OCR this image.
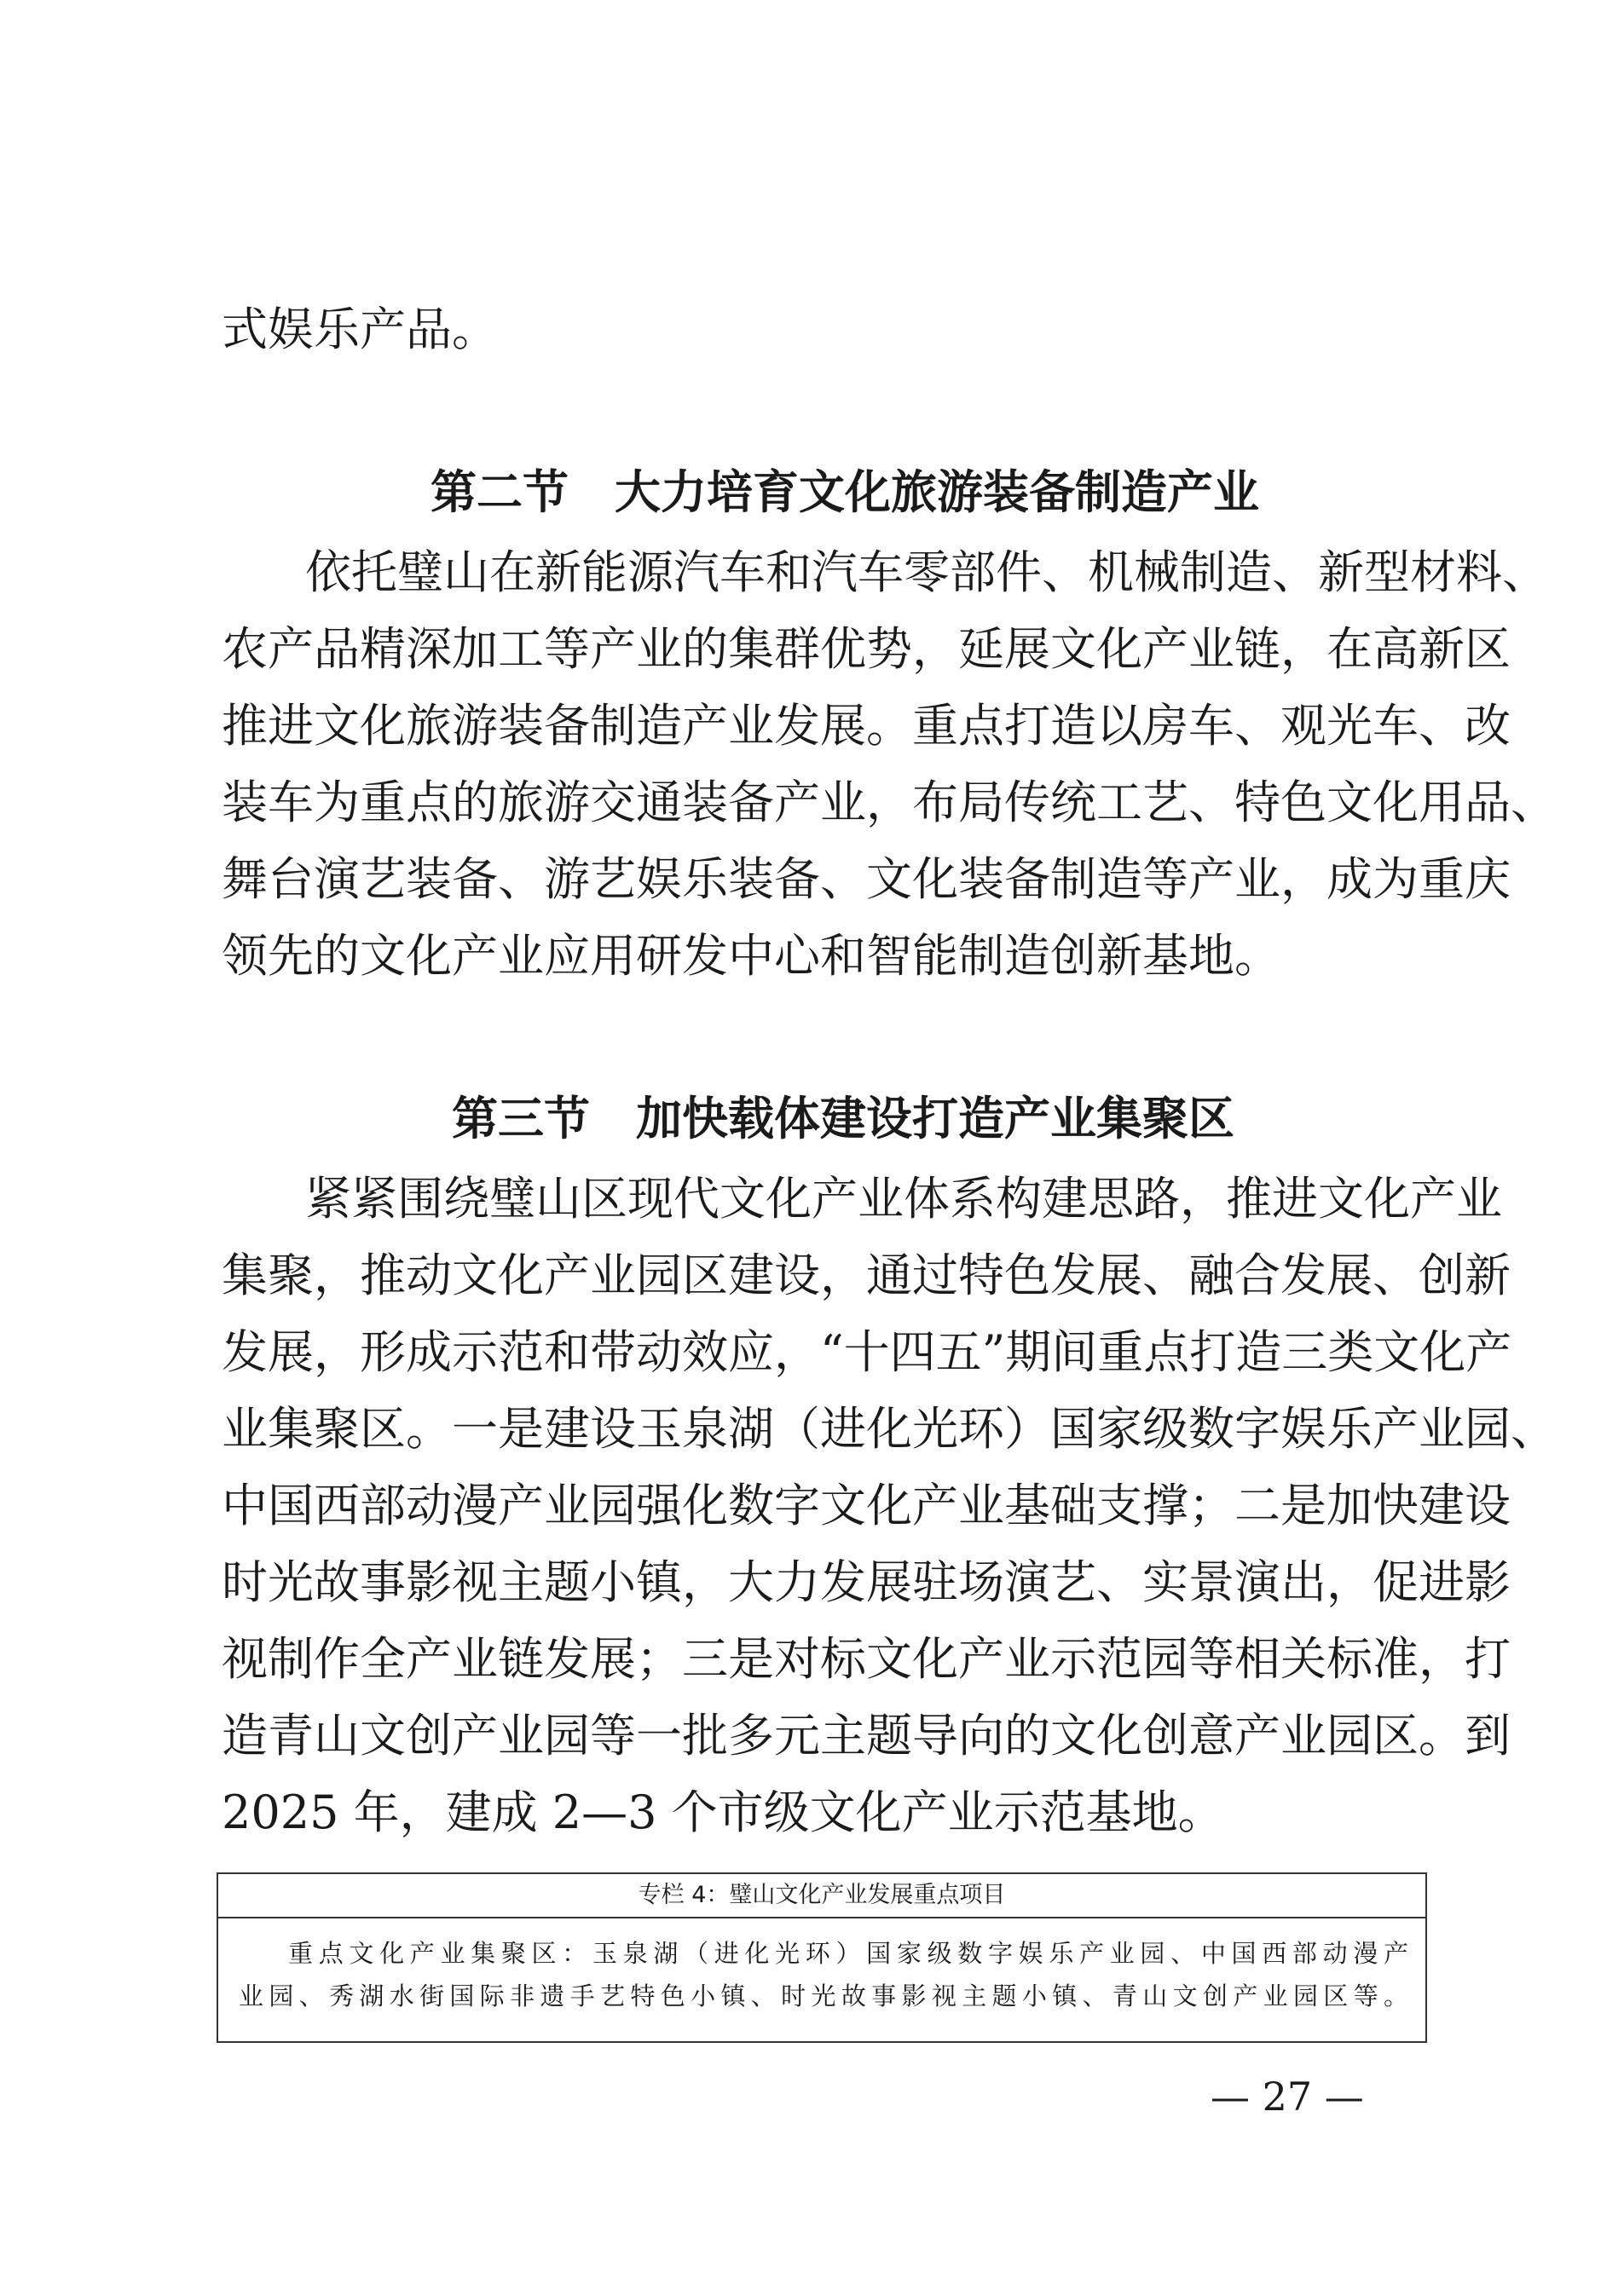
式娱乐产品。
第二节　大力培育文化旅游装备制造产业
依托璧山在新能源汽车和汽车零部件、机械制造、新型材料、
农产品精深加工等产业的集群优势，延展文化产业链，在高新区
推进文化旅游装备制造产业发展。重点打造以房车、观光车、改
装车为重点的旅游交通装备产业，布局传统工艺、特色文化用品、
舞台演艺装备、游艺娱乐装备、文化装备制造等产业，成为重庆
领先的文化产业应用研发中心和智能制造创新基地。
第三节　加快载体建设打造产业集聚区
紧紧围绕璧山区现代文化产业体系构建思路，推进文化产业
集聚，推动文化产业园区建设，通过特色发展、融合发展、创新
发展，形成示范和带动效应，“十四五”期间重点打造三类文化产
业集聚区。一是建设玉泉湖（进化光环）国家级数字娱乐产业园、
中国西部动漫产业园强化数字文化产业基础支撑；二是加快建设
时光故事影视主题小镇，大力发展驻场演艺、实景演出，促进影
视制作全产业链发展；三是对标文化产业示范园等相关标准，打
造青山文创产业园等一批多元主题导向的文化创意产业园区。到
2025 年，建成 2—3 个市级文化产业示范基地。
专栏 4：璧山文化产业发展重点项目
重点文化产业集聚区：玉泉湖（进化光环）国家级数字娱乐产业园、中国西部动漫产
业园、秀湖水街国际非遗手艺特色小镇、时光故事影视主题小镇、青山文创产业园区等。
— 27 —
